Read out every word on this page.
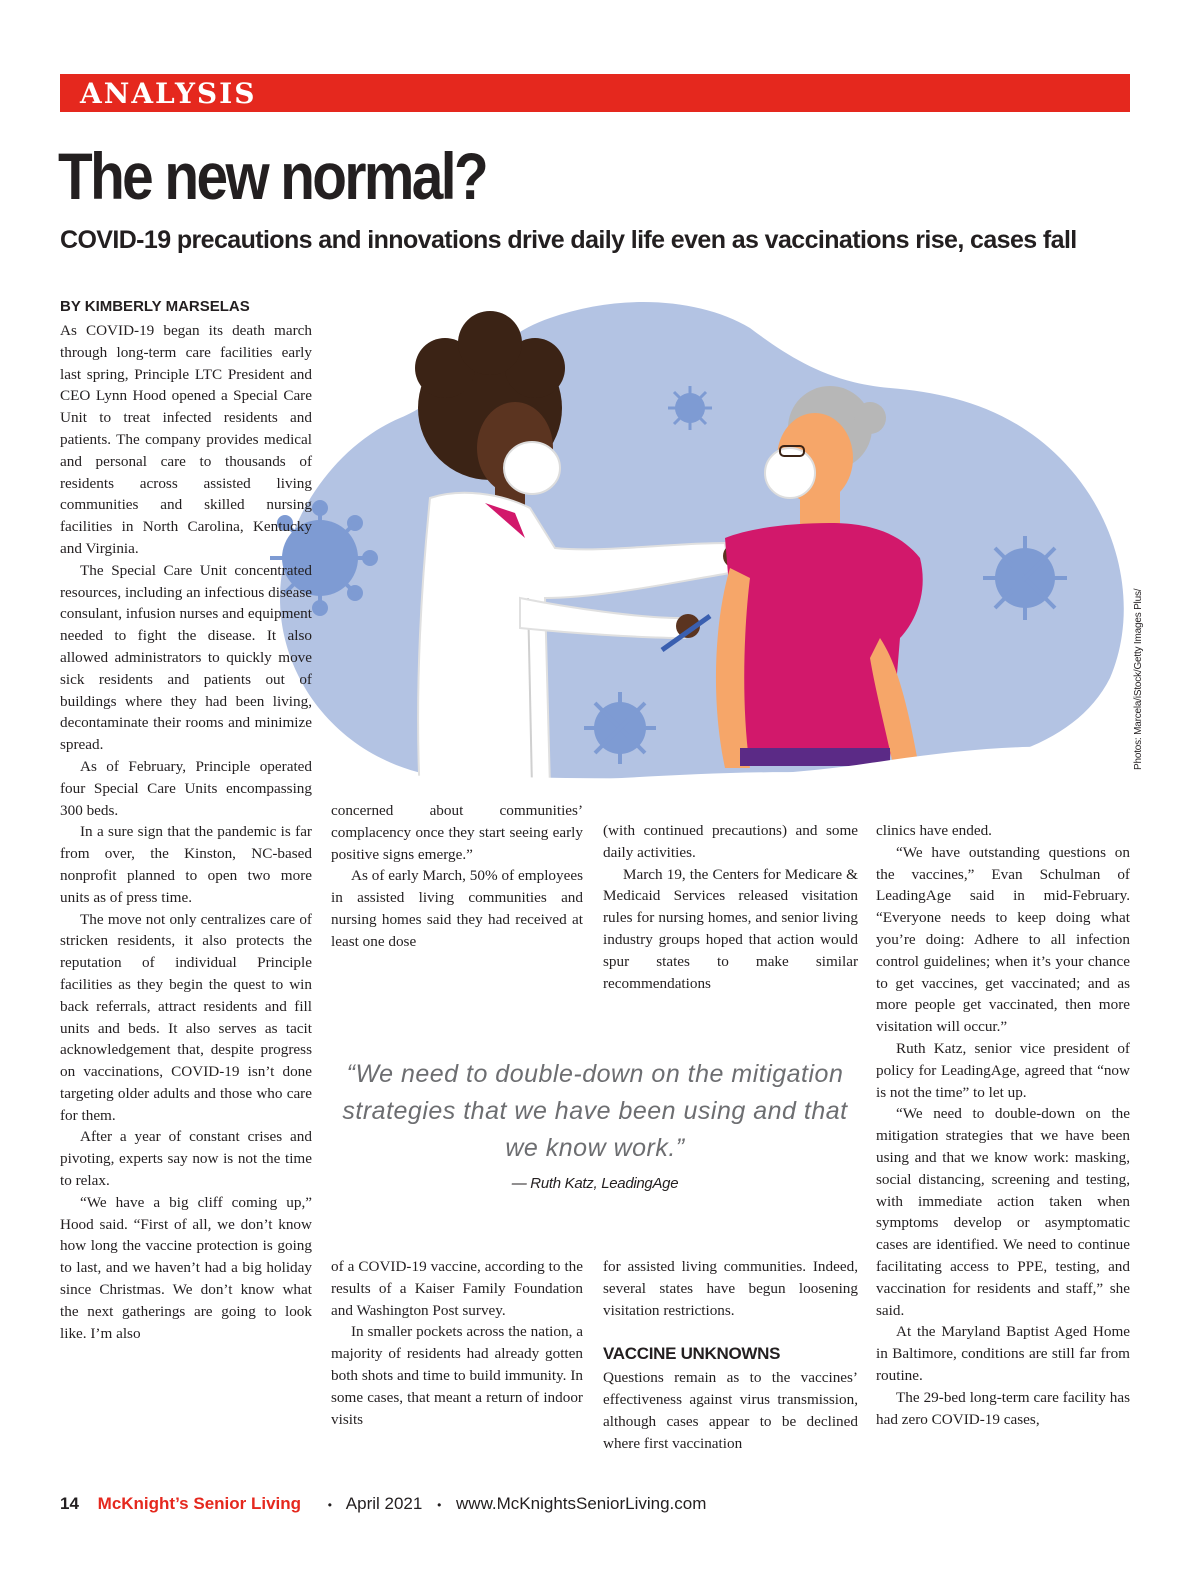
ANALYSIS
The new normal?
COVID-19 precautions and innovations drive daily life even as vaccinations rise, cases fall
BY KIMBERLY MARSELAS
Photos: Marcela/iStock/Getty Images Plus/

As COVID-19 began its death march through long-term care facilities early last spring, Principle LTC President and CEO Lynn Hood opened a Special Care Unit to treat infected residents and patients. The company provides medical and personal care to thousands of residents across assisted living communities and skilled nursing facilities in North Carolina, Kentucky and Virginia.

The Special Care Unit concentrated resources, including an infectious disease consulant, infusion nurses and equipment needed to fight the disease. It also allowed administrators to quickly move sick residents and patients out of buildings where they had been living, decontaminate their rooms and minimize spread.

As of February, Principle operated four Special Care Units encompassing 300 beds.

In a sure sign that the pandemic is far from over, the Kinston, NC-based nonprofit planned to open two more units as of press time.

The move not only centralizes care of stricken residents, it also protects the reputation of individual Principle facilities as they begin the quest to win back referrals, attract residents and fill units and beds. It also serves as tacit acknowledgement that, despite progress on vaccinations, COVID-19 isn’t done targeting older adults and those who care for them.

After a year of constant crises and pivoting, experts say now is not the time to relax.

“We have a big cliff coming up,” Hood said. “First of all, we don’t know how long the vaccine protection is going to last, and we haven’t had a big holiday since Christmas. We don’t know what the next gatherings are going to look like. I’m also

concerned about communities’ complacency once they start seeing early positive signs emerge.”

As of early March, 50% of employees in assisted living communities and nursing homes said they had received at least one dose

(with continued precautions) and some daily activities.

March 19, the Centers for Medicare & Medicaid Services released visitation rules for nursing homes, and senior living industry groups hoped that action would spur states to make similar recommendations

“We need to double-down on the mitigation strategies that we have been using and that we know work.”
— Ruth Katz, LeadingAge

of a COVID-19 vaccine, according to the results of a Kaiser Family Foundation and Washington Post survey.

In smaller pockets across the nation, a majority of residents had already gotten both shots and time to build immunity. In some cases, that meant a return of indoor visits

for assisted living communities. Indeed, several states have begun loosening visitation restrictions.

VACCINE UNKNOWNS

Questions remain as to the vaccines’ effectiveness against virus transmission, although cases appear to be declined where first vaccination

clinics have ended.

“We have outstanding questions on the vaccines,” Evan Schulman of LeadingAge said in mid-February. “Everyone needs to keep doing what you’re doing: Adhere to all infection control guidelines; when it’s your chance to get vaccines, get vaccinated; and as more people get vaccinated, then more visitation will occur.”

Ruth Katz, senior vice president of policy for LeadingAge, agreed that “now is not the time” to let up.

“We need to double-down on the mitigation strategies that we have been using and that we know work: masking, social distancing, screening and testing, with immediate action taken when symptoms develop or asymptomatic cases are identified. We need to continue facilitating access to PPE, testing, and vaccination for residents and staff,” she said.

At the Maryland Baptist Aged Home in Baltimore, conditions are still far from routine.

The 29-bed long-term care facility has had zero COVID-19 cases,

14 McKnight’s Senior Living • April 2021 • www.McKnightsSeniorLiving.com
